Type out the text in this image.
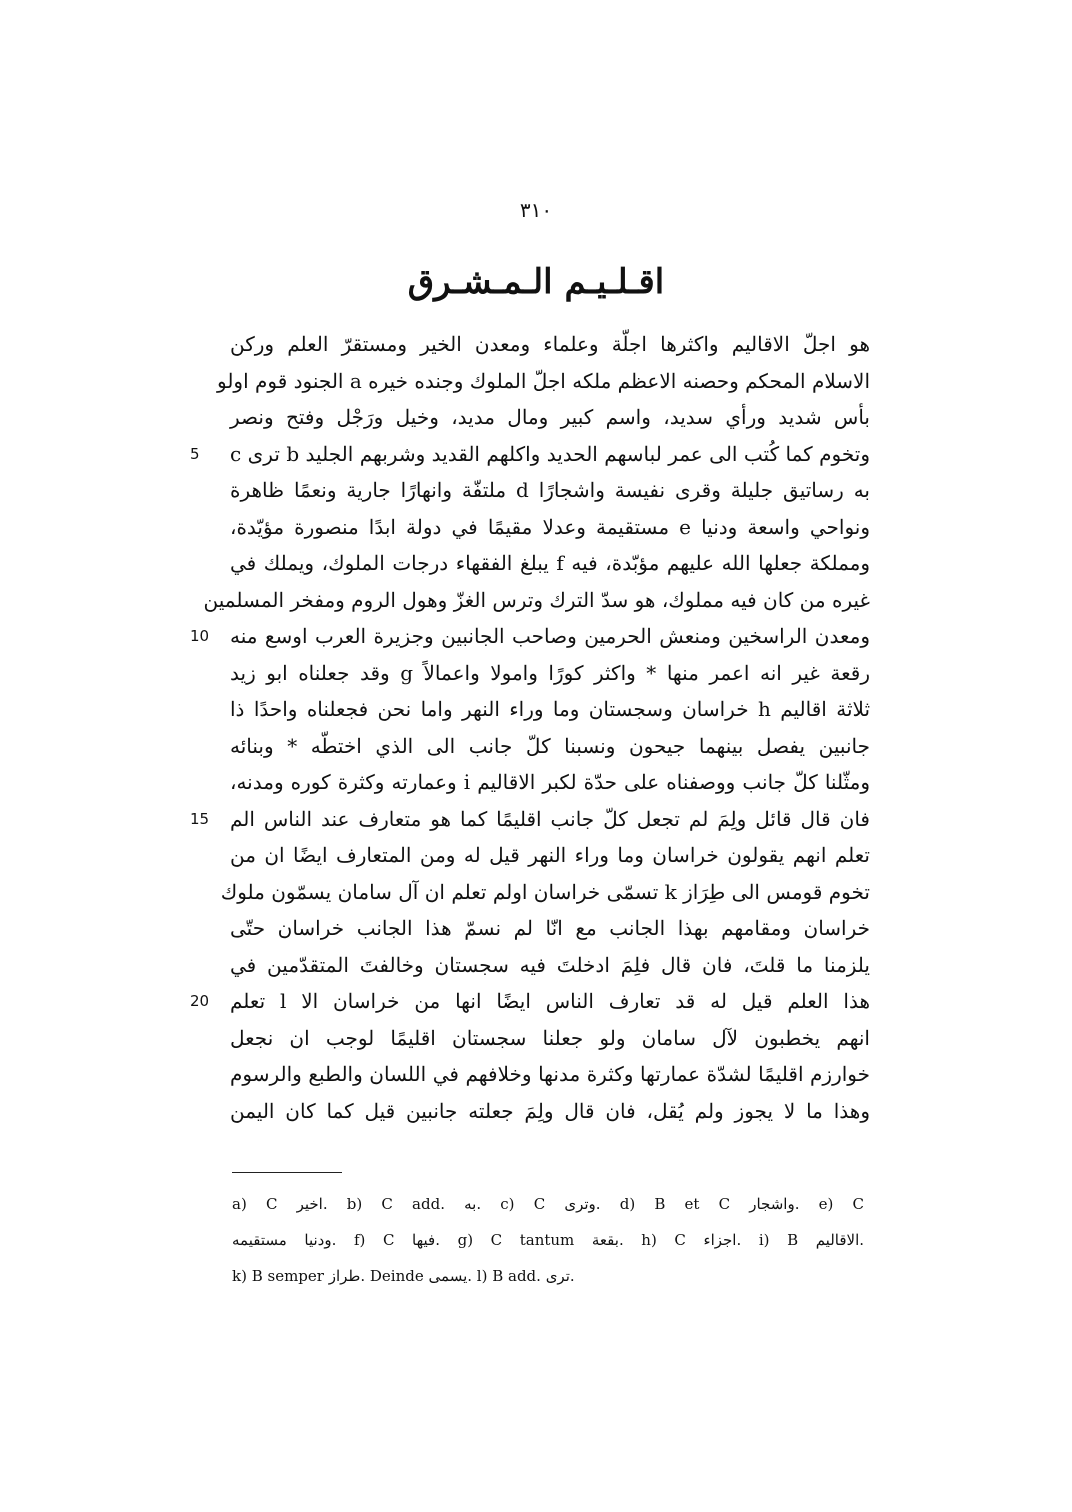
٣١٠
اقـلـيـم الـمـشـرق
هو اجلّ الاقاليم واكثرها اجلّة وعلماء ومعدن الخير ومستقرّ العلم وركن
الاسلام المحكم وحصنه الاعظم ملكه اجلّ الملوك وجنده خيره a الجنود قوم اولو
بأس شديد ورأي سديد، واسم كبير ومال مديد، وخيل ورَجْل وفتح ونصر
5	وتخوم كما كُتب الى عمر لباسهم الحديد واكلهم القديد وشربهم الجليد b ترى c
به رساتيق جليلة وقرى نفيسة واشجارًا d ملتفّة وانهارًا جارية ونعمًا ظاهرة
ونواحي واسعة ودنيا e مستقيمة وعدلا مقيمًا في دولة ابدًا منصورة مؤيّدة،
ومملكة جعلها الله عليهم مؤبّدة، فيه f يبلغ الفقهاء درجات الملوك، ويملك في
غيره من كان فيه مملوك، هو سدّ الترك وترس الغزّ وهول الروم ومفخر المسلمين
10	ومعدن الراسخين ومنعش الحرمين وصاحب الجانبين وجزيرة العرب اوسع منه
رقعة غير انه اعمر منها * واكثر كورًا وامولا واعمالاً g وقد جعلناه ابو زيد
ثلاثة اقاليم h خراسان وسجستان وما وراء النهر واما نحن فجعلناه واحدًا ذا
جانبين يفصل بينهما جيحون ونسبنا كلّ جانب الى الذي اختطّه * وبنائه
ومثّلنا كلّ جانب ووصفناه على حدّة لكبر الاقاليم i وعمارته وكثرة كوره ومدنه،
15	فان قال قائل ولِمَ لم تجعل كلّ جانب اقليمًا كما هو متعارف عند الناس الم
تعلم انهم يقولون خراسان وما وراء النهر قيل له ومن المتعارف ايضًا ان من
تخوم قومس الى طِرَاز k تسمّى خراسان اولم تعلم ان آل سامان يسمّون ملوك
خراسان ومقامهم بهذا الجانب مع انّا لم نسمّ هذا الجانب خراسان حتّى
يلزمنا ما قلتَ، فان قال فلِمَ ادخلتَ فيه سجستان وخالفتَ المتقدّمين في
20	هذا العلم قيل له قد تعارف الناس ايضًا انها من خراسان الا l تعلم
انهم يخطبون لآل سامان ولو جعلنا سجستان اقليمًا لوجب ان نجعل
خوارزم اقليمًا لشدّة عمارتها وكثرة مدنها وخلافهم في اللسان والطبع والرسوم
وهذا ما لا يجوز ولم يُقل، فان قال ولِمَ جعلته جانبين قيل كما كان اليمن
a) C اخير. b) C add. به. c) C وترى. d) B et C واشجار. e) C
ودنيا مستقيمه. f) C فيها. g) C tantum بقعة. h) C اجزاء. i) B الاقاليم.
k) B semper طراز. Deinde يسمى. l) B add. ترى.
